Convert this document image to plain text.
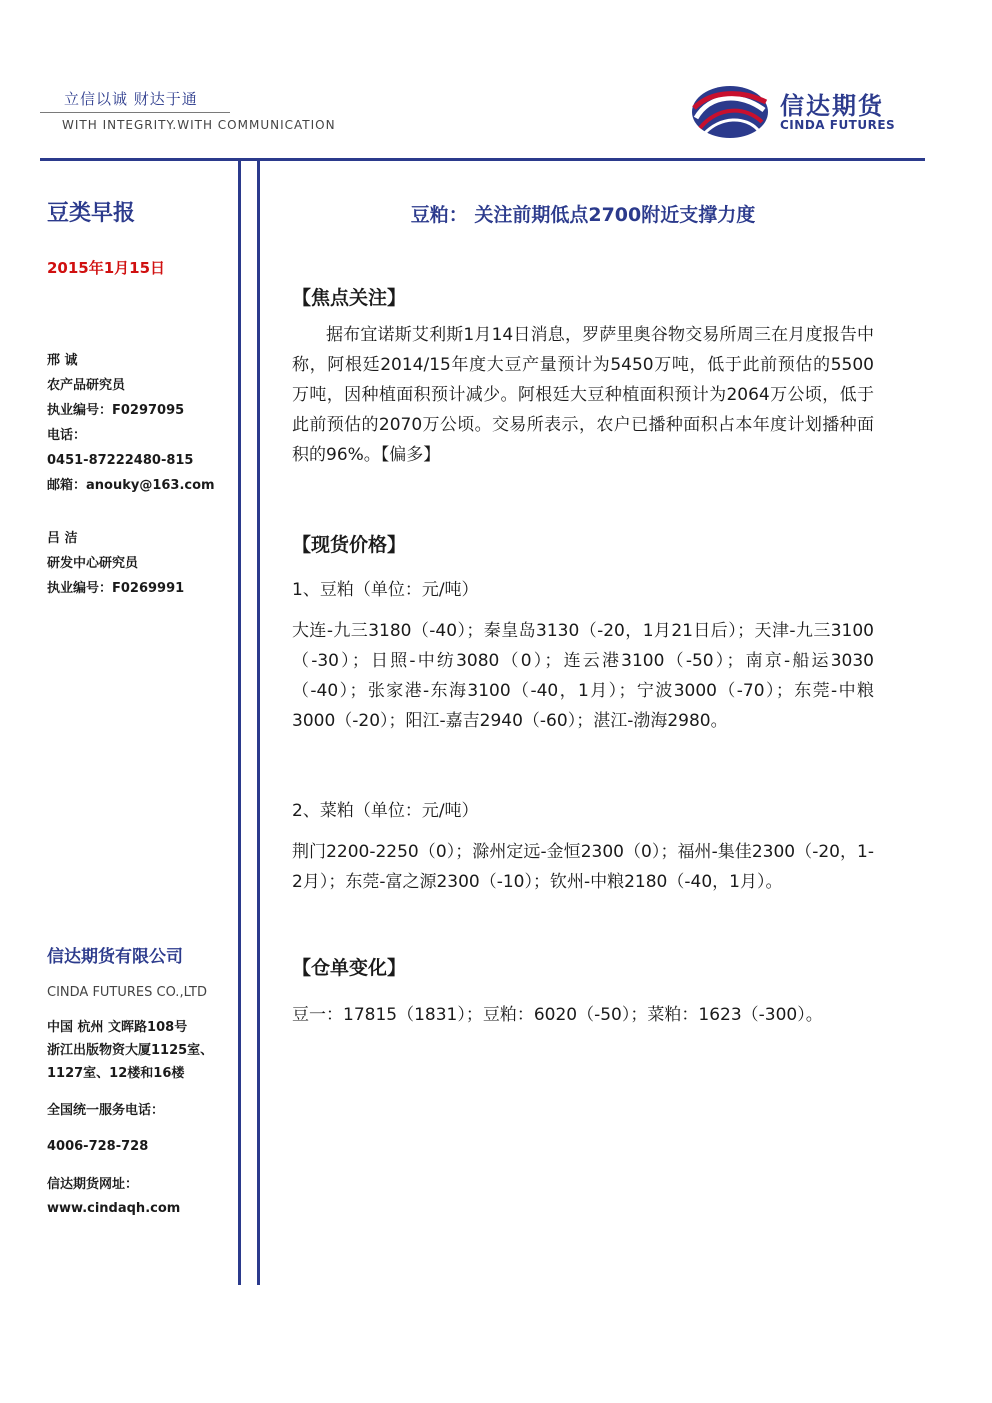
立信以诚 财达于通
WITH INTEGRITY.WITH COMMUNICATION
信达期货
CINDA FUTURES
豆类早报
2015年1月15日
邢 诚
农产品研究员
执业编号：F0297095
电话：
0451-87222480-815
邮箱：anouky@163.com
吕 洁
研发中心研究员
执业编号：F0269991
信达期货有限公司
CINDA FUTURES CO.,LTD
中国 杭州 文晖路108号
浙江出版物资大厦1125室、
1127室、12楼和16楼
全国统一服务电话：
4006-728-728
信达期货网址：
www.cindaqh.com
豆粕： 关注前期低点2700附近支撑力度
【焦点关注】

据布宜诺斯艾利斯1月14日消息，罗萨里奥谷物交易所周三在月度报告中称，阿根廷2014/15年度大豆产量预计为5450万吨，低于此前预估的5500万吨，因种植面积预计减少。阿根廷大豆种植面积预计为2064万公顷，低于此前预估的2070万公顷。交易所表示，农户已播种面积占本年度计划播种面积的96%。【偏多】

【现货价格】

1、豆粕（单位：元/吨）

大连-九三3180（-40）；秦皇岛3130（-20，1月21日后）；天津-九三3100（-30）；日照-中纺3080（0）；连云港3100（-50）；南京-船运3030（-40）；张家港-东海3100（-40，1月）；宁波3000（-70）；东莞-中粮3000（-20）；阳江-嘉吉2940（-60）；湛江-渤海2980。

2、菜粕（单位：元/吨）

荆门2200-2250（0）；滁州定远-金恒2300（0）；福州-集佳2300（-20，1-2月）；东莞-富之源2300（-10）；钦州-中粮2180（-40，1月）。

【仓单变化】

豆一：17815（1831）；豆粕：6020（-50）；菜粕：1623（-300）。
